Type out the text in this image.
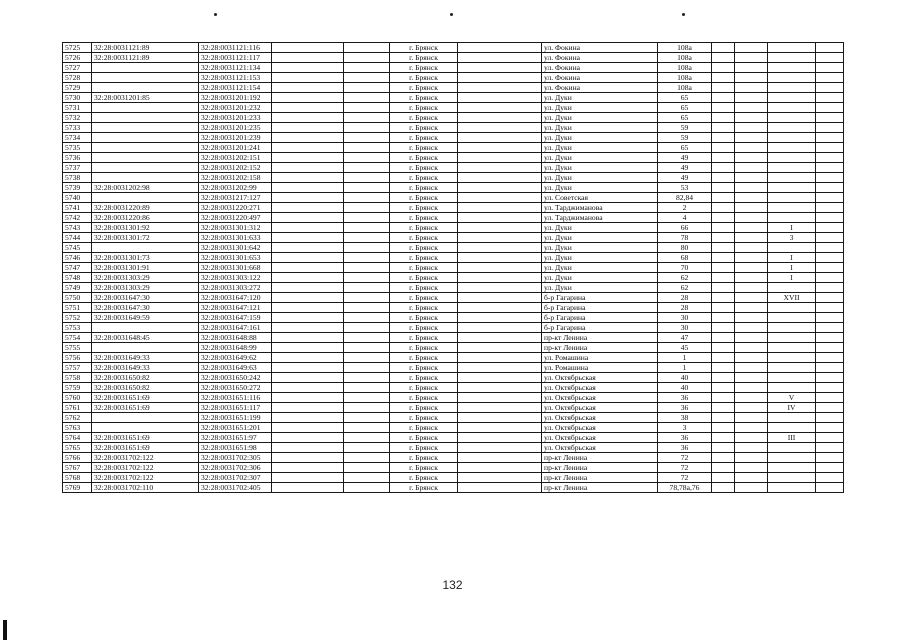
5725	32:28:0031121:89	32:28:0031121:116			г. Брянск		ул. Фокина	108а				
5726	32:28:0031121:89	32:28:0031121:117			г. Брянск		ул. Фокина	108а				
5727		32:28:0031121:134			г. Брянск		ул. Фокина	108а				
5728		32:28:0031121:153			г. Брянск		ул. Фокина	108а				
5729		32:28:0031121:154			г. Брянск		ул. Фокина	108а				
5730	32:28:0031201:85	32:28:0031201:192			г. Брянск		ул. Дуки	65				
5731		32:28:0031201:232			г. Брянск		ул. Дуки	65				
5732		32:28:0031201:233			г. Брянск		ул. Дуки	65				
5733		32:28:0031201:235			г. Брянск		ул. Дуки	59				
5734		32:28:0031201:239			г. Брянск		ул. Дуки	59				
5735		32:28:0031201:241			г. Брянск		ул. Дуки	65				
5736		32:28:0031202:151			г. Брянск		ул. Дуки	49				
5737		32:28:0031202:152			г. Брянск		ул. Дуки	49				
5738		32:28:0031202:158			г. Брянск		ул. Дуки	49				
5739	32:28:0031202:98	32:28:0031202:99			г. Брянск		ул. Дуки	53				
5740		32:28:0031217:127			г. Брянск		ул. Советская	82,84				
5741	32:28:0031220:89	32:28:0031220:271			г. Брянск		ул. Тарджиманова	2				
5742	32:28:0031220:86	32:28:0031220:497			г. Брянск		ул. Тарджиманова	4				
5743	32:28:0031301:92	32:28:0031301:312			г. Брянск		ул. Дуки	66			I	
5744	32:28:0031301:72	32:28:0031301:633			г. Брянск		ул. Дуки	78			3	
5745		32:28:0031301:642			г. Брянск		ул. Дуки	80				
5746	32:28:0031301:73	32:28:0031301:653			г. Брянск		ул. Дуки	68			I	
5747	32:28:0031301:91	32:28:0031301:668			г. Брянск		ул. Дуки	70			I	
5748	32:28:0031303:29	32:28:0031303:122			г. Брянск		ул. Дуки	62			I	
5749	32:28:0031303:29	32:28:0031303:272			г. Брянск		ул. Дуки	62				
5750	32:28:0031647:30	32:28:0031647:120			г. Брянск		б-р Гагарина	28			XVII	
5751	32:28:0031647:30	32:28:0031647:121			г. Брянск		б-р Гагарина	28				
5752	32:28:0031649:59	32:28:0031647:159			г. Брянск		б-р Гагарина	30				
5753		32:28:0031647:161			г. Брянск		б-р Гагарина	30				
5754	32:28:0031648:45	32:28:0031648:88			г. Брянск		пр-кт Ленина	47				
5755		32:28:0031648:99			г. Брянск		пр-кт Ленина	45				
5756	32:28:0031649:33	32:28:0031649:62			г. Брянск		ул. Ромашина	1				
5757	32:28:0031649:33	32:28:0031649:63			г. Брянск		ул. Ромашина	1				
5758	32:28:0031650:82	32:28:0031650:242			г. Брянск		ул. Октябрьская	40				
5759	32:28:0031650:82	32:28:0031650:272			г. Брянск		ул. Октябрьская	40				
5760	32:28:0031651:69	32:28:0031651:116			г. Брянск		ул. Октябрьская	36			V	
5761	32:28:0031651:69	32:28:0031651:117			г. Брянск		ул. Октябрьская	36			IV	
5762		32:28:0031651:199			г. Брянск		ул. Октябрьская	38				
5763		32:28:0031651:201			г. Брянск		ул. Октябрьская	3				
5764	32:28:0031651:69	32:28:0031651:97			г. Брянск		ул. Октябрьская	36			III	
5765	32:28:0031651:69	32:28:0031651:98			г. Брянск		ул. Октябрьская	36				
5766	32:28:0031702:122	32:28:0031702:305			г. Брянск		пр-кт Ленина	72				
5767	32:28:0031702:122	32:28:0031702:306			г. Брянск		пр-кт Ленина	72				
5768	32:28:0031702:122	32:28:0031702:307			г. Брянск		пр-кт Ленина	72				
5769	32:28:0031702:110	32:28:0031702:405			г. Брянск		пр-кт Ленина	78,78а,76				
132
